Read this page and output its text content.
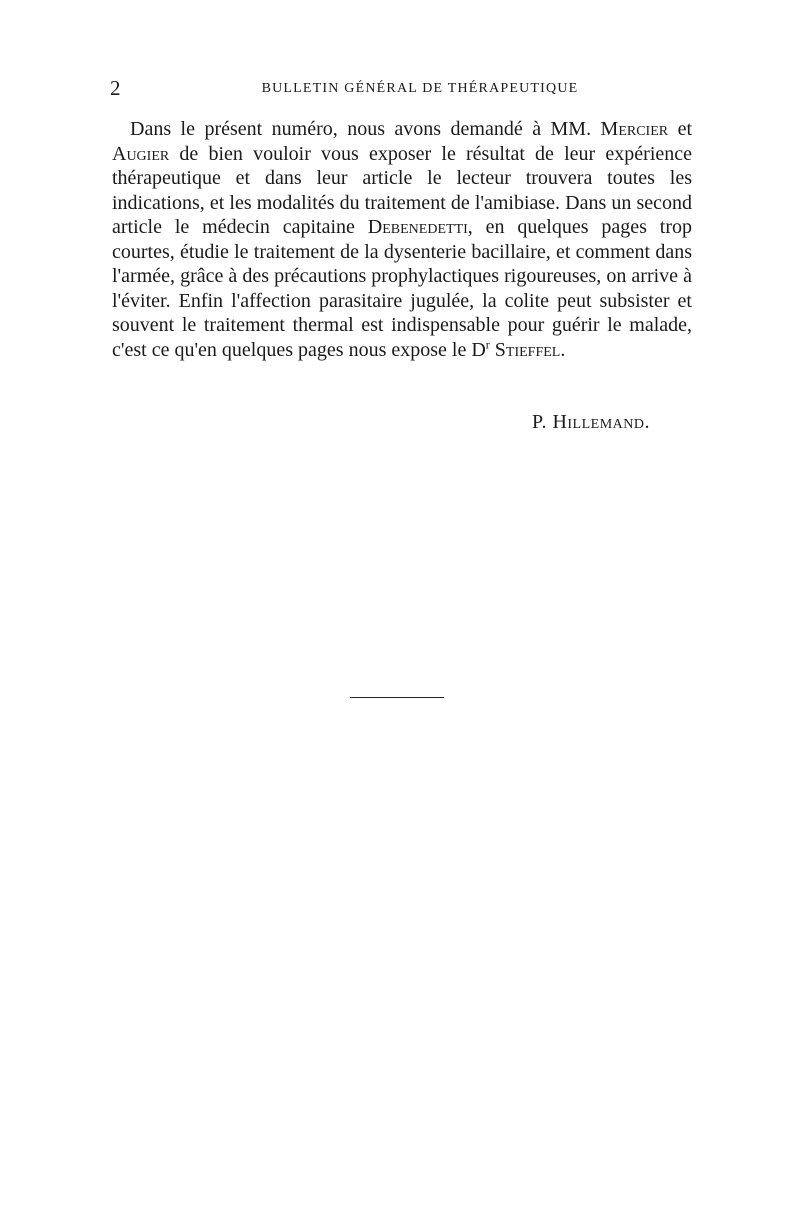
2	BULLETIN GÉNÉRAL DE THÉRAPEUTIQUE

Dans le présent numéro, nous avons demandé à MM. Mercier et Augier de bien vouloir vous exposer le résultat de leur expérience thérapeutique et dans leur article le lecteur trouvera toutes les indications, et les modalités du traitement de l'amibiase. Dans un second article le médecin capitaine Debenedetti, en quelques pages trop courtes, étudie le traitement de la dysenterie bacillaire, et comment dans l'armée, grâce à des précautions prophylactiques rigoureuses, on arrive à l'éviter. Enfin l'affection parasitaire jugulée, la colite peut subsister et souvent le traitement thermal est indispensable pour guérir le malade, c'est ce qu'en quelques pages nous expose le $D^r$ Stieffel.

P. Hillemand.
